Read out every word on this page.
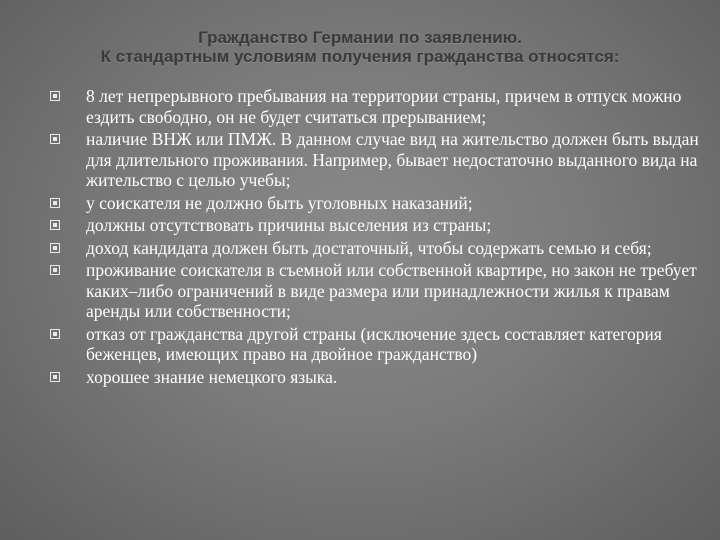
Гражданство Германии по заявлению.
К стандартным условиям получения гражданства относятся:
8 лет непрерывного пребывания на территории страны, причем в отпуск можно ездить свободно, он не будет считаться прерыванием;
наличие ВНЖ или ПМЖ. В данном случае вид на жительство должен быть выдан для длительного проживания. Например, бывает недостаточно выданного вида на жительство с целью учебы;
у соискателя не должно быть уголовных наказаний;
должны отсутствовать причины выселения из страны;
доход кандидата должен быть достаточный, чтобы содержать семью и себя;
проживание соискателя в съемной или собственной квартире, но закон не требует каких–либо ограничений в виде размера или принадлежности жилья к правам аренды или собственности;
отказ от гражданства другой страны (исключение здесь составляет категория беженцев, имеющих право на двойное гражданство)
хорошее знание немецкого языка.
